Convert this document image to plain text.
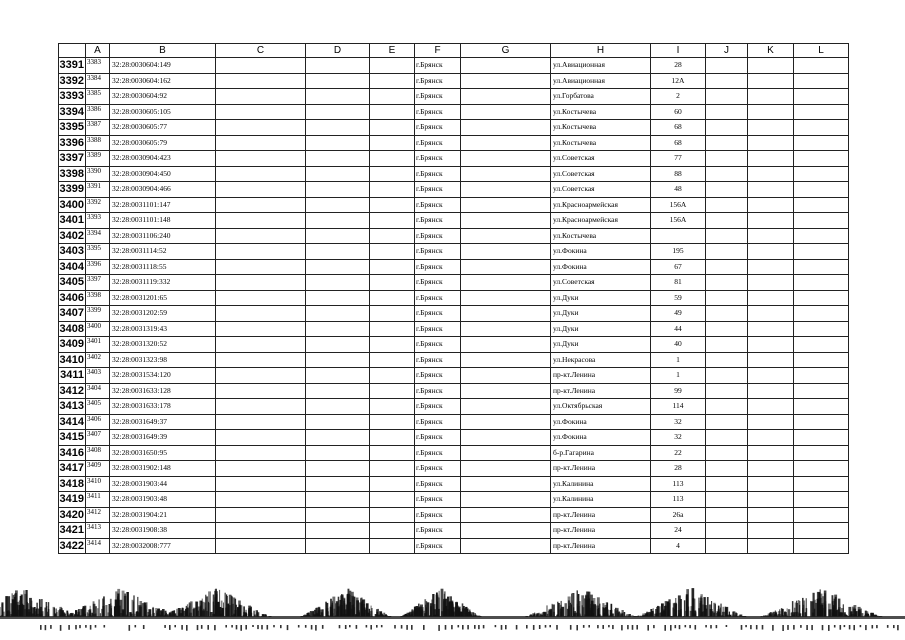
	A	B	C	D	E	F	G	H	I	J	K	L
3391	3383	32:28:0030604:149				г.Брянск		ул.Авиационная	28			
3392	3384	32:28:0030604:162				г.Брянск		ул.Авиационная	12А			
3393	3385	32:28:0030604:92				г.Брянск		ул.Горбатова	2			
3394	3386	32:28:0030605:105				г.Брянск		ул.Костычева	60			
3395	3387	32:28:0030605:77				г.Брянск		ул.Костычева	68			
3396	3388	32:28:0030605:79				г.Брянск		ул.Костычева	68			
3397	3389	32:28:0030904:423				г.Брянск		ул.Советская	77			
3398	3390	32:28:0030904:450				г.Брянск		ул.Советская	88			
3399	3391	32:28:0030904:466				г.Брянск		ул.Советская	48			
3400	3392	32:28:0031101:147				г.Брянск		ул.Красноармейская	156А			
3401	3393	32:28:0031101:148				г.Брянск		ул.Красноармейская	156А			
3402	3394	32:28:0031106:240				г.Брянск		ул.Костычева				
3403	3395	32:28:0031114:52				г.Брянск		ул.Фокина	195			
3404	3396	32:28:0031118:55				г.Брянск		ул.Фокина	67			
3405	3397	32:28:0031119:332				г.Брянск		ул.Советская	81			
3406	3398	32:28:0031201:65				г.Брянск		ул.Дуки	59			
3407	3399	32:28:0031202:59				г.Брянск		ул.Дуки	49			
3408	3400	32:28:0031319:43				г.Брянск		ул.Дуки	44			
3409	3401	32:28:0031320:52				г.Брянск		ул.Дуки	40			
3410	3402	32:28:0031323:98				г.Брянск		ул.Некрасова	1			
3411	3403	32:28:0031534:120				г.Брянск		пр-кт.Ленина	1			
3412	3404	32:28:0031633:128				г.Брянск		пр-кт.Ленина	99			
3413	3405	32:28:0031633:178				г.Брянск		ул.Октябрьская	114			
3414	3406	32:28:0031649:37				г.Брянск		ул.Фокина	32			
3415	3407	32:28:0031649:39				г.Брянск		ул.Фокина	32			
3416	3408	32:28:0031650:95				г.Брянск		б-р.Гагарина	22			
3417	3409	32:28:0031902:148				г.Брянск		пр-кт.Ленина	28			
3418	3410	32:28:0031903:44				г.Брянск		ул.Калинина	113			
3419	3411	32:28:0031903:48				г.Брянск		ул.Калинина	113			
3420	3412	32:28:0031904:21				г.Брянск		пр-кт.Ленина	26а			
3421	3413	32:28:0031908:38				г.Брянск		пр-кт.Ленина	24			
3422	3414	32:28:0032008:777				г.Брянск		пр-кт.Ленина	4			
